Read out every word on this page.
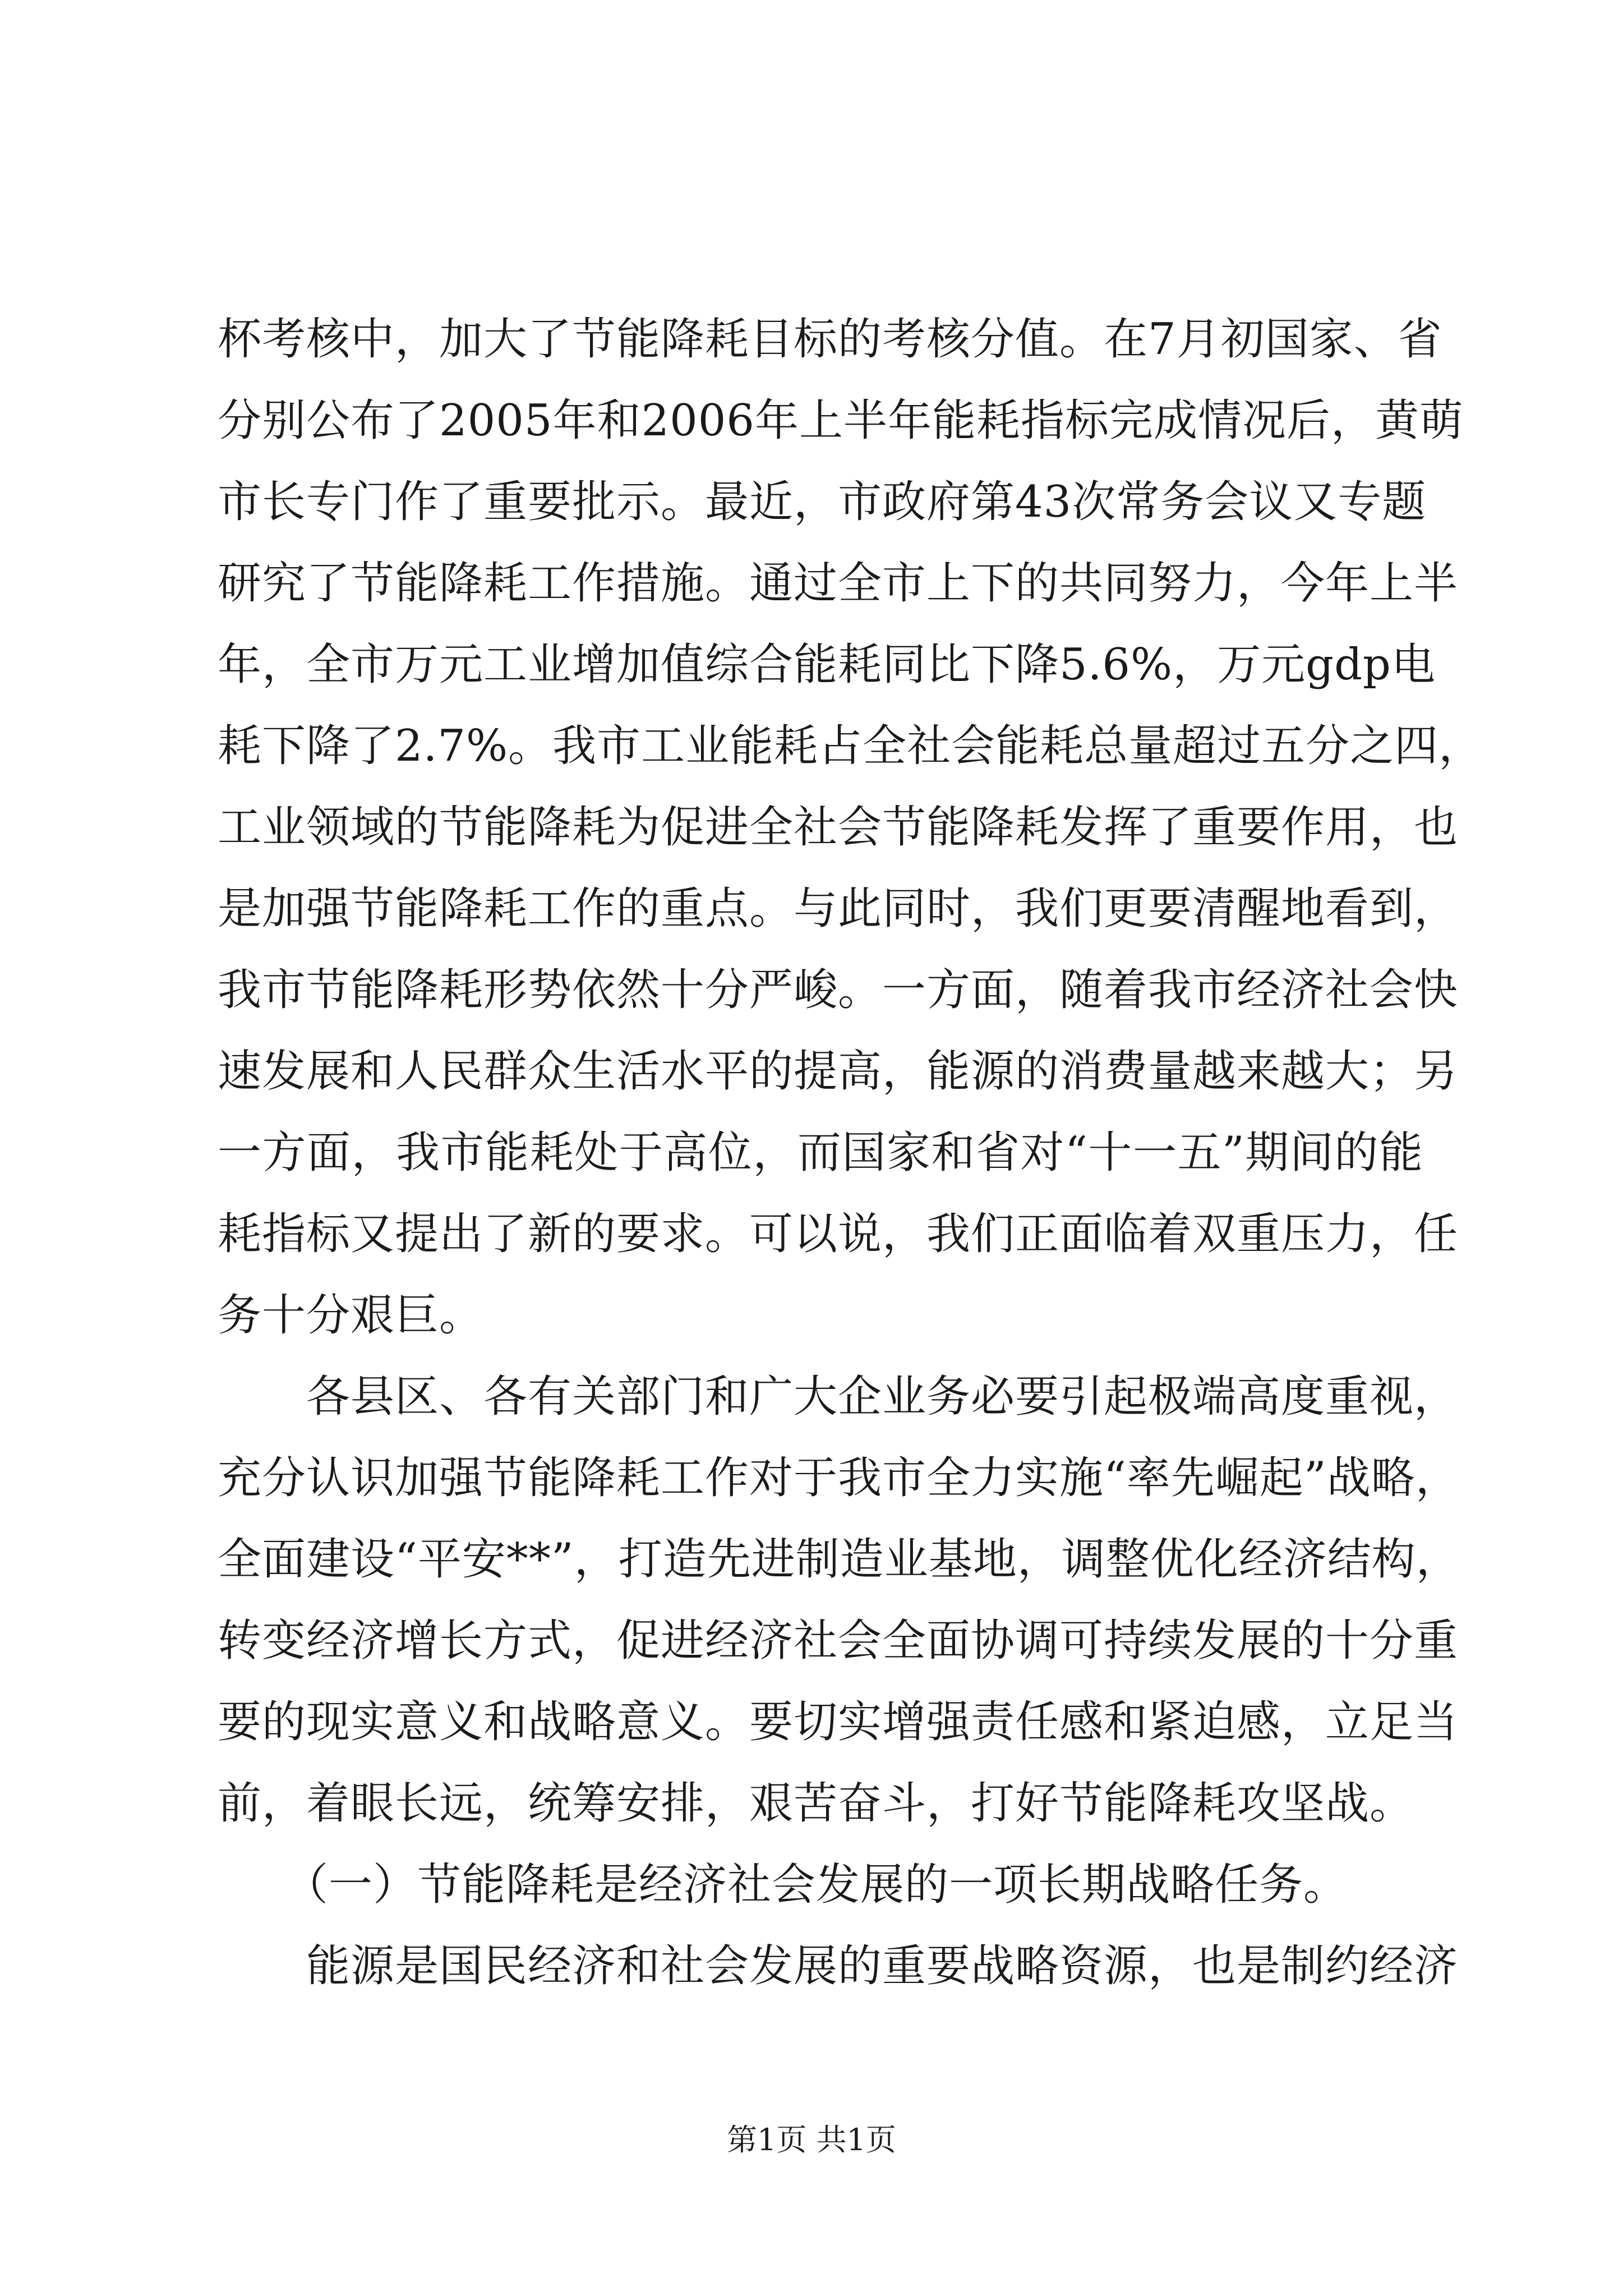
杯考核中，加大了节能降耗目标的考核分值。在7月初国家、省
分别公布了2005年和2006年上半年能耗指标完成情况后，黄萌
市长专门作了重要批示。最近，市政府第43次常务会议又专题
研究了节能降耗工作措施。通过全市上下的共同努力，今年上半
年，全市万元工业增加值综合能耗同比下降5.6%，万元gdp电
耗下降了2.7%。我市工业能耗占全社会能耗总量超过五分之四，
工业领域的节能降耗为促进全社会节能降耗发挥了重要作用，也
是加强节能降耗工作的重点。与此同时，我们更要清醒地看到，
我市节能降耗形势依然十分严峻。一方面，随着我市经济社会快
速发展和人民群众生活水平的提高，能源的消费量越来越大；另
一方面，我市能耗处于高位，而国家和省对“十一五”期间的能
耗指标又提出了新的要求。可以说，我们正面临着双重压力，任
务十分艰巨。
　　各县区、各有关部门和广大企业务必要引起极端高度重视，
充分认识加强节能降耗工作对于我市全力实施“率先崛起”战略，
全面建设“平安**”，打造先进制造业基地，调整优化经济结构，
转变经济增长方式，促进经济社会全面协调可持续发展的十分重
要的现实意义和战略意义。要切实增强责任感和紧迫感，立足当
前，着眼长远，统筹安排，艰苦奋斗，打好节能降耗攻坚战。
　　（一）节能降耗是经济社会发展的一项长期战略任务。
　　能源是国民经济和社会发展的重要战略资源，也是制约经济
第1页 共1页
